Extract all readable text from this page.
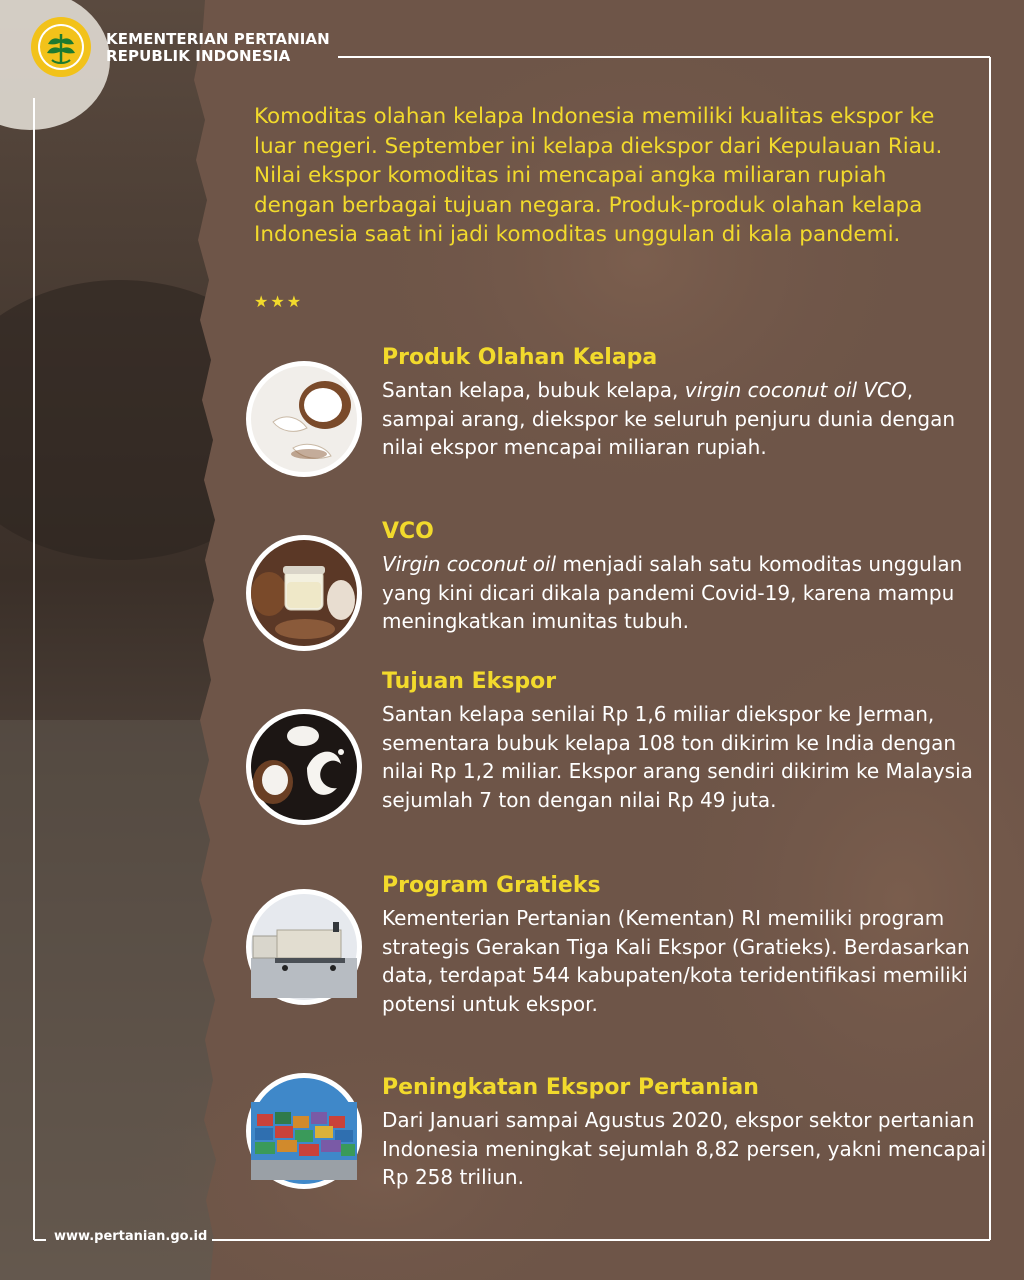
KEMENTERIAN PERTANIAN
REPUBLIK INDONESIA

Komoditas olahan kelapa Indonesia memiliki kualitas ekspor ke luar negeri. September ini kelapa diekspor dari Kepulauan Riau. Nilai ekspor komoditas ini mencapai angka miliaran rupiah dengan berbagai tujuan negara. Produk-produk olahan kelapa Indonesia saat ini jadi komoditas unggulan di kala pandemi.

★★★
Produk Olahan Kelapa

Santan kelapa, bubuk kelapa, virgin coconut oil VCO, sampai arang, diekspor ke seluruh penjuru dunia dengan nilai ekspor mencapai miliaran rupiah.

VCO

Virgin coconut oil menjadi salah satu komoditas unggulan yang kini dicari dikala pandemi Covid-19, karena mampu meningkatkan imunitas tubuh.

Tujuan Ekspor

Santan kelapa senilai Rp 1,6 miliar diekspor ke Jerman, sementara bubuk kelapa 108 ton dikirim ke India dengan nilai Rp 1,2 miliar. Ekspor arang sendiri dikirim ke Malaysia sejumlah 7 ton dengan nilai Rp 49 juta.

Program Gratieks

Kementerian Pertanian (Kementan) RI memiliki program strategis Gerakan Tiga Kali Ekspor (Gratieks). Berdasarkan data, terdapat 544 kabupaten/kota teridentifikasi memiliki potensi untuk ekspor.

Peningkatan Ekspor Pertanian

Dari Januari sampai Agustus 2020, ekspor sektor pertanian Indonesia meningkat sejumlah 8,82 persen, yakni mencapai Rp 258 triliun.

www.pertanian.go.id
